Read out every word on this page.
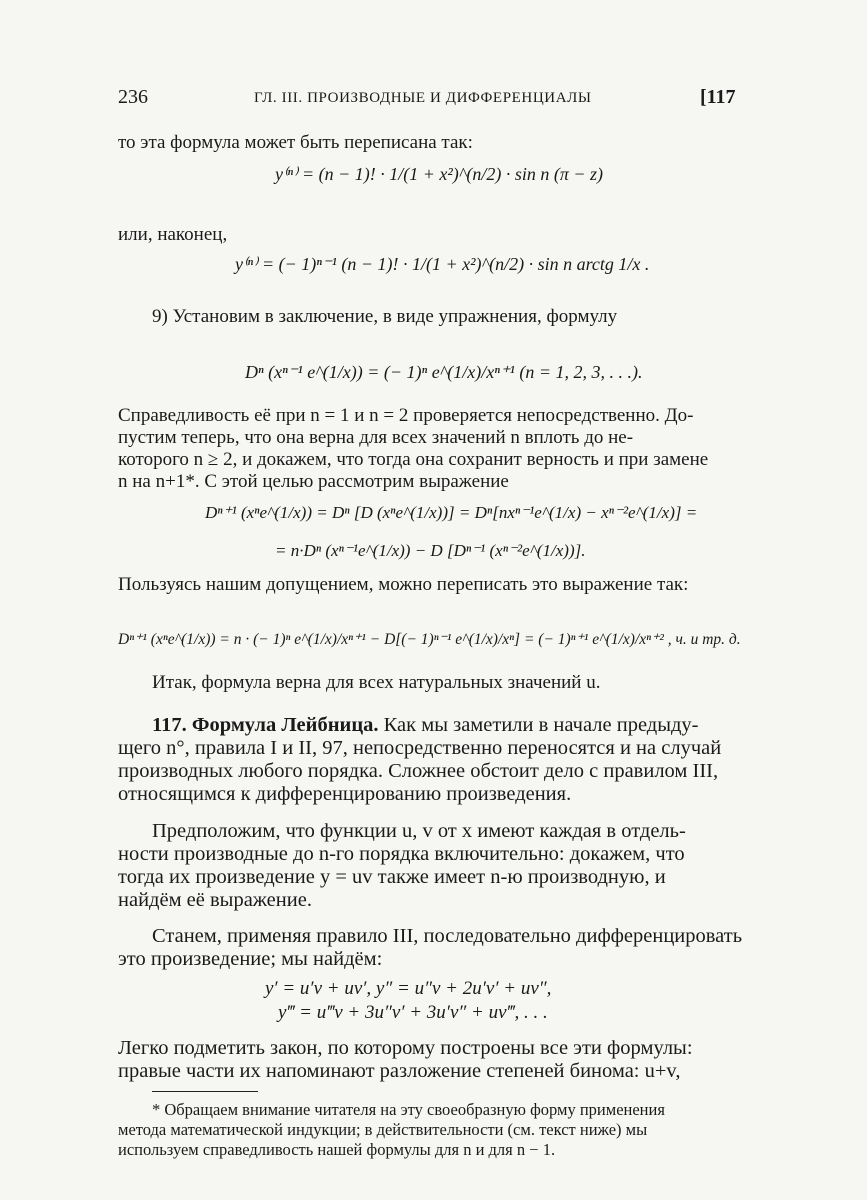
236	ГЛ. III. ПРОИЗВОДНЫЕ И ДИФФЕРЕНЦИАЛЫ	[117
то эта формула может быть переписана так:
y⁽ⁿ⁾ = (n − 1)! · 1/(1 + x²)^(n/2) · sin n (π − z)
или, наконец,
y⁽ⁿ⁾ = (− 1)ⁿ⁻¹ (n − 1)! · 1/(1 + x²)^(n/2) · sin n arctg 1/x .
9) Установим в заключение, в виде упражнения, формулу
Dⁿ (xⁿ⁻¹ e^(1/x)) = (− 1)ⁿ e^(1/x)/xⁿ⁺¹ (n = 1, 2, 3, . . .).
Справедливость её при n = 1 и n = 2 проверяется непосредственно. До-
пустим теперь, что она верна для всех значений n вплоть до не-
которого n ≥ 2, и докажем, что тогда она сохранит верность и при замене
n на n+1*. С этой целью рассмотрим выражение
Dⁿ⁺¹ (xⁿe^(1/x)) = Dⁿ [D (xⁿe^(1/x))] = Dⁿ[nxⁿ⁻¹e^(1/x) − xⁿ⁻²e^(1/x)] =
= n·Dⁿ (xⁿ⁻¹e^(1/x)) − D [Dⁿ⁻¹ (xⁿ⁻²e^(1/x))].
Пользуясь нашим допущением, можно переписать это выражение так:
Dⁿ⁺¹ (xⁿe^(1/x)) = n · (− 1)ⁿ e^(1/x)/xⁿ⁺¹ − D[(− 1)ⁿ⁻¹ e^(1/x)/xⁿ] = (− 1)ⁿ⁺¹ e^(1/x)/xⁿ⁺² , ч. и тр. д.
Итак, формула верна для всех натуральных значений u.
117. Формула Лейбница. Как мы заметили в начале предыду-
щего n°, правила I и II, 97, непосредственно переносятся и на случай
производных любого порядка. Сложнее обстоит дело с правилом III,
относящимся к дифференцированию произведения.
Предположим, что функции u, v от x имеют каждая в отдель-
ности производные до n-го порядка включительно: докажем, что
тогда их произведение y = uv также имеет n-ю производную, и
найдём её выражение.
Станем, применяя правило III, последовательно дифференцировать
это произведение; мы найдём:
y′ = u′v + uv′, y″ = u″v + 2u′v′ + uv″,
y‴ = u‴v + 3u″v′ + 3u′v″ + uv‴, . . .
Легко подметить закон, по которому построены все эти формулы:
правые части их напоминают разложение степеней бинома: u+v,
* Обращаем внимание читателя на эту своеобразную форму применения
метода математической индукции; в действительности (см. текст ниже) мы
используем справедливость нашей формулы для n и для n − 1.
